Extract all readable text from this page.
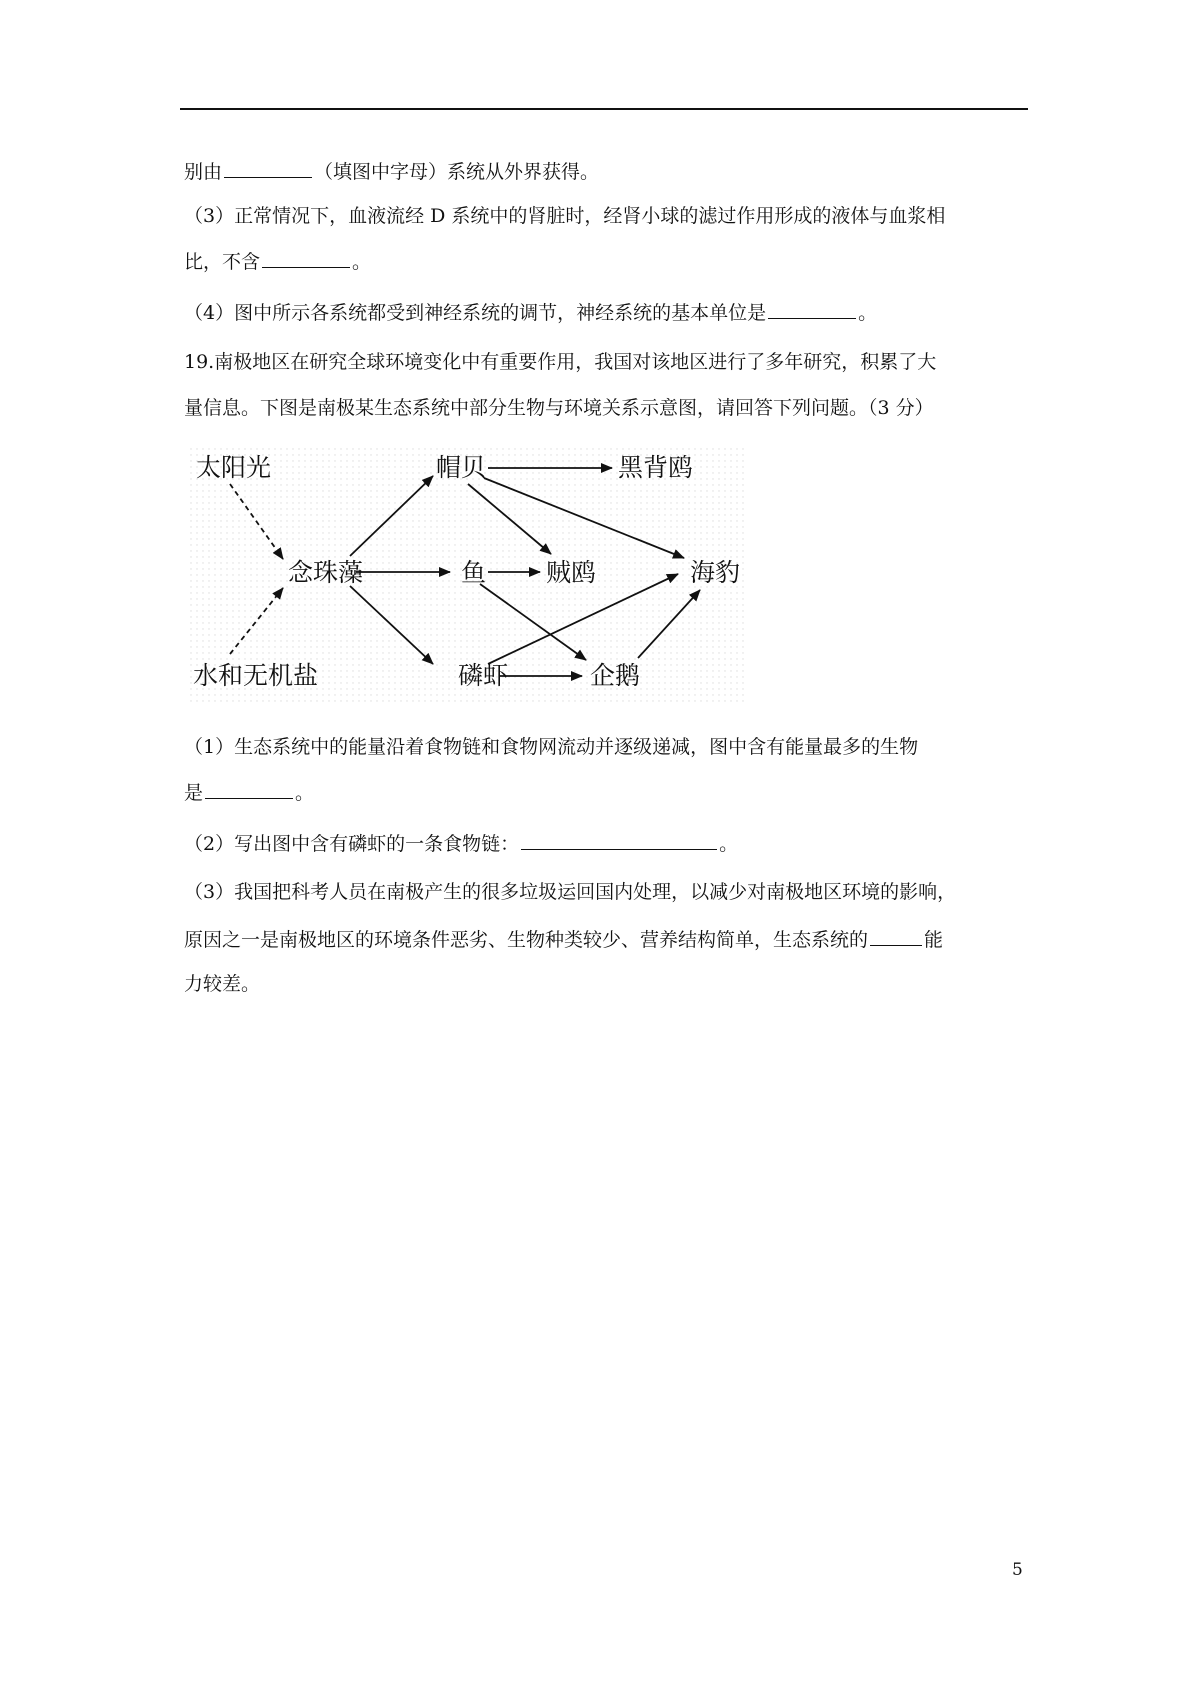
别由	（填图中字母）系统从外界获得。
（3）正常情况下，血液流经 D 系统中的肾脏时，经肾小球的滤过作用形成的液体与血浆相
比，不含	。
（4）图中所示各系统都受到神经系统的调节，神经系统的基本单位是	。
19.南极地区在研究全球环境变化中有重要作用，我国对该地区进行了多年研究，积累了大
量信息。下图是南极某生态系统中部分生物与环境关系示意图，请回答下列问题。（3 分）
太阳光
水和无机盐
念珠藻
帽贝
鱼
磷虾
黑背鸥
贼鸥	海豹
企鹅
（1）生态系统中的能量沿着食物链和食物网流动并逐级递减，图中含有能量最多的生物
是	。
（2）写出图中含有磷虾的一条食物链：	。
（3）我国把科考人员在南极产生的很多垃圾运回国内处理，以减少对南极地区环境的影响，
原因之一是南极地区的环境条件恶劣、生物种类较少、营养结构简单，生态系统的	能
力较差。
5
